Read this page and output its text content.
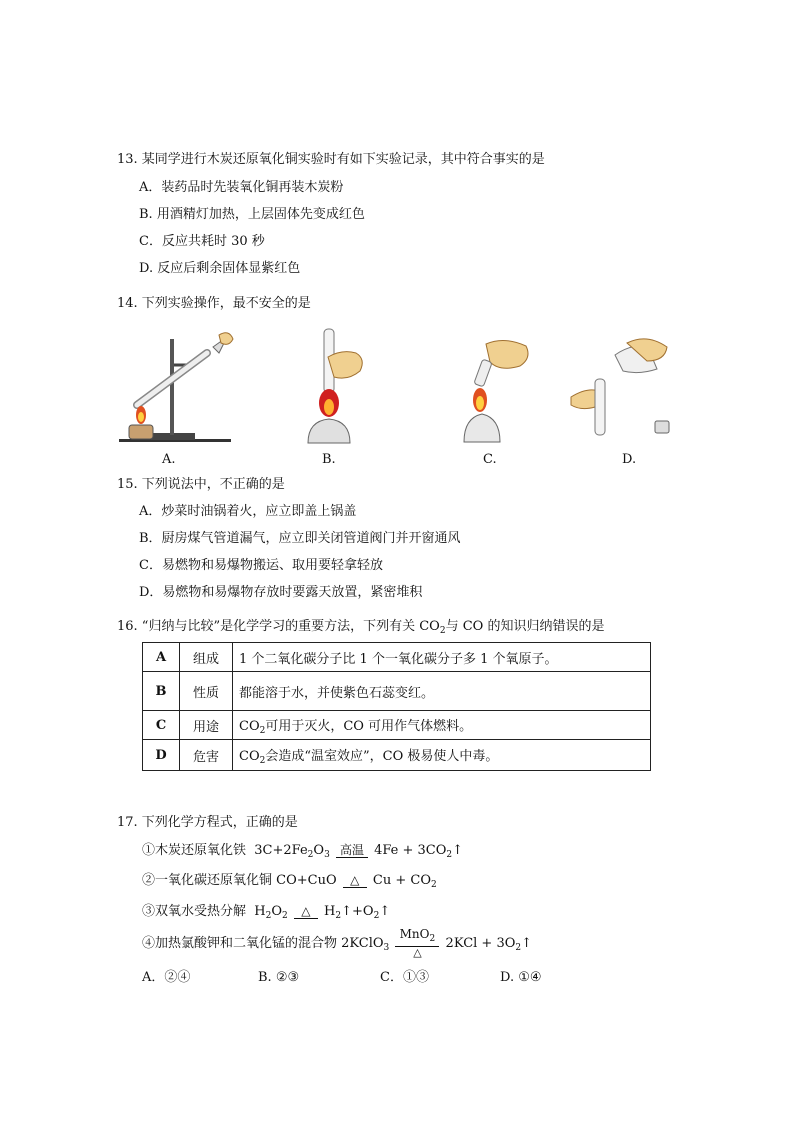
13. 某同学进行木炭还原氧化铜实验时有如下实验记录，其中符合事实的是
A．装药品时先装氧化铜再装木炭粉
B. 用酒精灯加热，上层固体先变成红色
C．反应共耗时 30 秒
D. 反应后剩余固体显紫红色
14. 下列实验操作，最不安全的是
A.	B.	C.	D.
15. 下列说法中，不正确的是
A．炒菜时油锅着火，应立即盖上锅盖
B．厨房煤气管道漏气，应立即关闭管道阀门并开窗通风
C．易燃物和易爆物搬运、取用要轻拿轻放
D．易燃物和易爆物存放时要露天放置，紧密堆积
16. “归纳与比较”是化学学习的重要方法，下列有关 $CO_2$与 CO 的知识归纳错误的是
A	组成	1 个二氧化碳分子比 1 个一氧化碳分子多 1 个氧原子。
B	性质	都能溶于水，并使紫色石蕊变红。
C	用途	$CO_2$可用于灭火，CO 可用作气体燃料。
D	危害	$CO_2$会造成“温室效应”，CO 极易使人中毒。
17. 下列化学方程式，正确的是
①木炭还原氧化铁  $3C+2Fe_2O_3$ 高温 $4Fe + 3CO_2↑$
②一氧化碳还原氧化铜 CO+CuO △ $Cu + CO_2$
③双氧水受热分解  $H_2O_2$	△ $H_2↑+O_2↑$
④加热氯酸钾和二氧化锰的混合物 2KClO$_3$
MnO$_2$
△
$2KCl + 3O_2↑$
A．②④	B. ②③	C．①③	D. ①④
